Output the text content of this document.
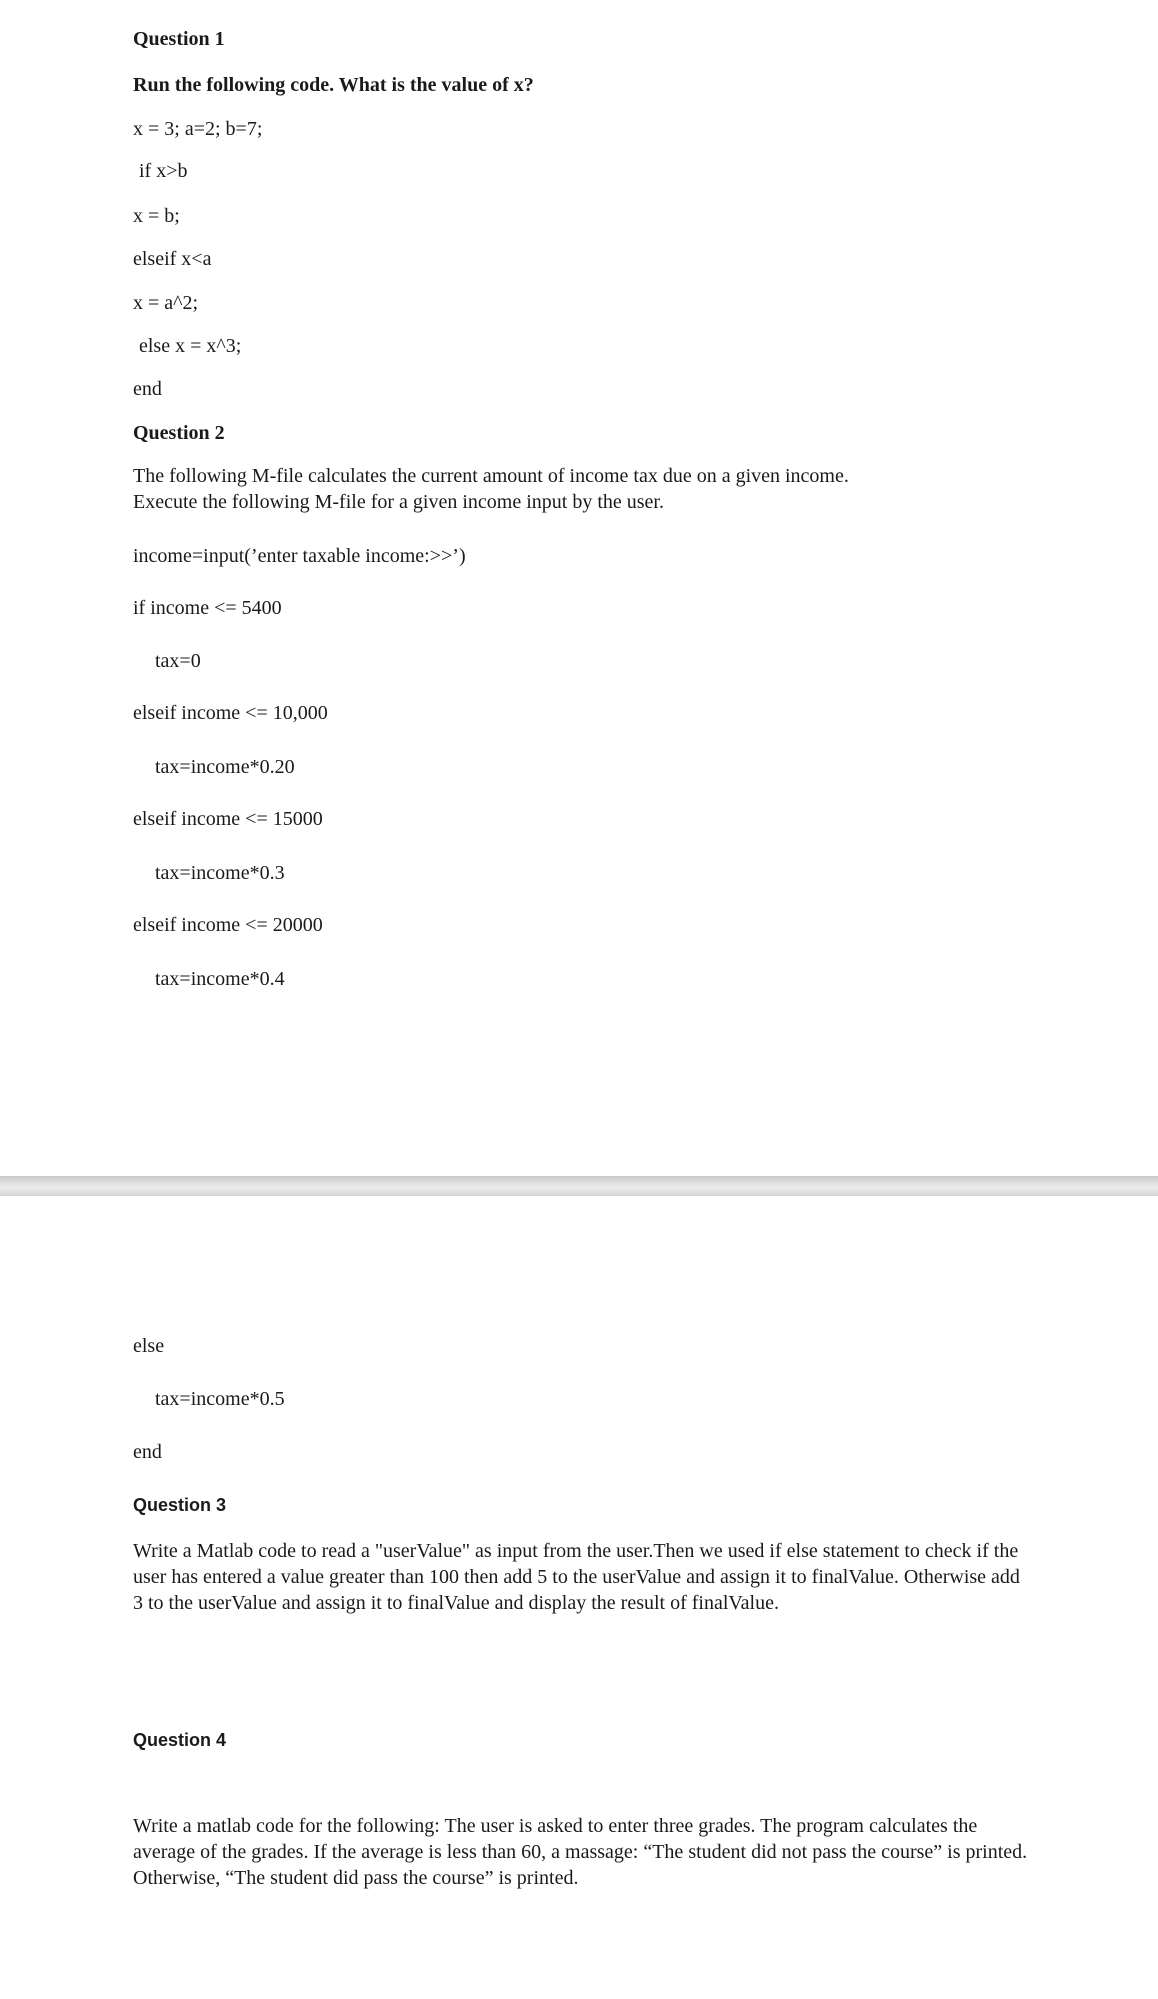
Question 1

Run the following code. What is the value of x?

x = 3; a=2; b=7;

if x>b

x = b;

elseif x<a

x = a^2;

else x = x^3;

end

Question 2

The following M-file calculates the current amount of income tax due on a given income.

Execute the following M-file for a given income input by the user.

income=input(’enter taxable income:>>’)

if income <= 5400

tax=0

elseif income <= 10,000

tax=income*0.20

elseif income <= 15000

tax=income*0.3

elseif income <= 20000

tax=income*0.4

else

tax=income*0.5

end

Question 3

Write a Matlab code to read a "userValue" as input from the user.Then we used if else statement to check if the user has entered a value greater than 100 then add 5 to the userValue and assign it to finalValue. Otherwise add 3 to the userValue and assign it to finalValue and display the result of finalValue.

Question 4

Write a matlab code for the following: The user is asked to enter three grades. The program calculates the average of the grades. If the average is less than 60, a massage: “The student did not pass the course” is printed. Otherwise, “The student did pass the course” is printed.
